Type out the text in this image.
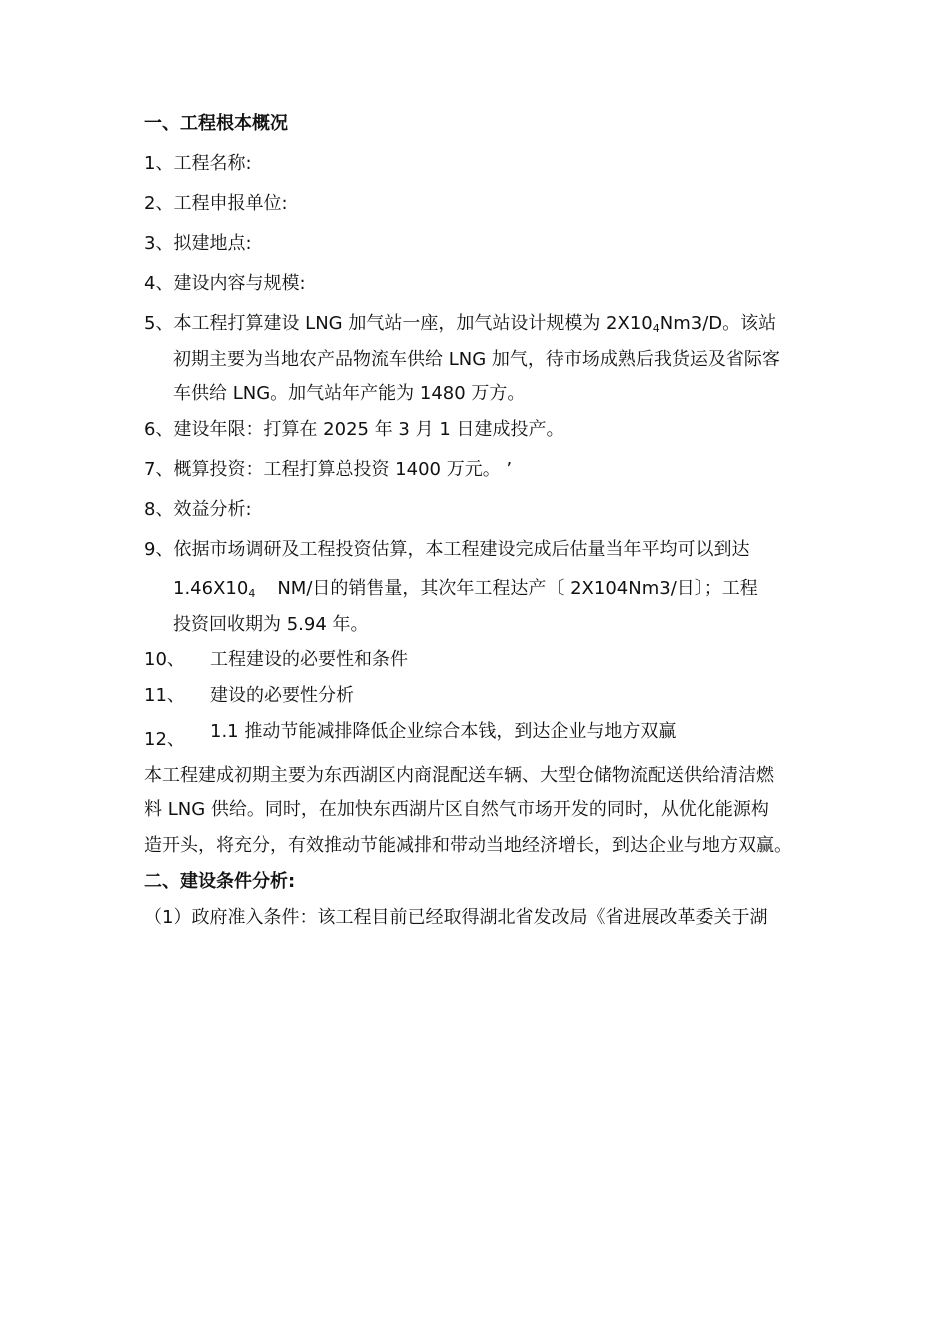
一、工程根本概况
1、工程名称:
2、工程申报单位:
3、拟建地点:
4、建设内容与规模:
5、本工程打算建设 LNG 加气站一座，加气站设计规模为 $2X10_4Nm3/D$。该站
初期主要为当地农产品物流车供给 LNG 加气，待市场成熟后我货运及省际客
车供给 LNG。加气站年产能为 1480 万方。
6、建设年限：打算在 2025 年 3 月 1 日建成投产。
7、概算投资：工程打算总投资 1400 万元。 ’
8、效益分析:
9、依据市场调研及工程投资估算，本工程建设完成后估量当年平均可以到达
$1.46X10_4$ NM/日的销售量，其次年工程达产〔 2X104Nm3/日〕；工程
投资回收期为 5.94 年。
10、 工程建设的必要性和条件
11、 建设的必要性分析
12、 1.1 推动节能减排降低企业综合本钱，到达企业与地方双赢
本工程建成初期主要为东西湖区内商混配送车辆、大型仓储物流配送供给清洁燃
料 LNG 供给。同时，在加快东西湖片区自然气市场开发的同时，从优化能源构
造开头，将充分，有效推动节能减排和带动当地经济增长，到达企业与地方双赢。
二、建设条件分析:
（1）政府准入条件：该工程目前已经取得湖北省发改局《省进展改革委关于湖
